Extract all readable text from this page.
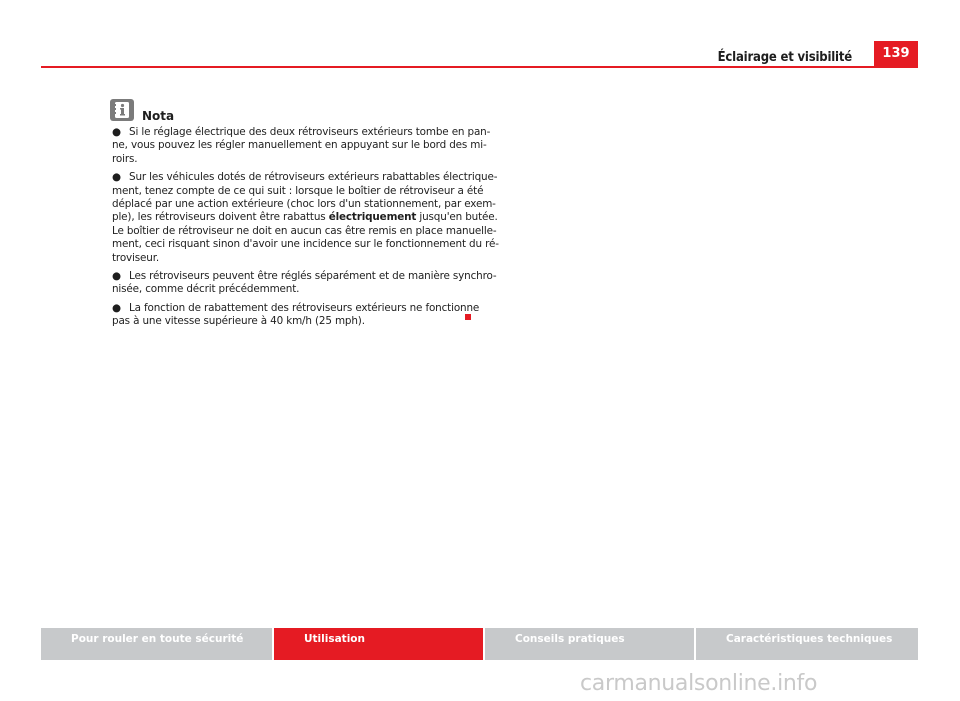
Éclairage et visibilité	139
Nota
● Si le réglage électrique des deux rétroviseurs extérieurs tombe en pan-
ne, vous pouvez les régler manuellement en appuyant sur le bord des mi-
roirs.
● Sur les véhicules dotés de rétroviseurs extérieurs rabattables électrique-
ment, tenez compte de ce qui suit : lorsque le boîtier de rétroviseur a été
déplacé par une action extérieure (choc lors d'un stationnement, par exem-
ple), les rétroviseurs doivent être rabattus électriquement jusqu'en butée.
Le boîtier de rétroviseur ne doit en aucun cas être remis en place manuelle-
ment, ceci risquant sinon d'avoir une incidence sur le fonctionnement du ré-
troviseur.
● Les rétroviseurs peuvent être réglés séparément et de manière synchro-
nisée, comme décrit précédemment.
● La fonction de rabattement des rétroviseurs extérieurs ne fonctionne
pas à une vitesse supérieure à 40 km/h (25 mph).
Pour rouler en toute sécurité	Utilisation	Conseils pratiques	Caractéristiques techniques
carmanualsonline.info
